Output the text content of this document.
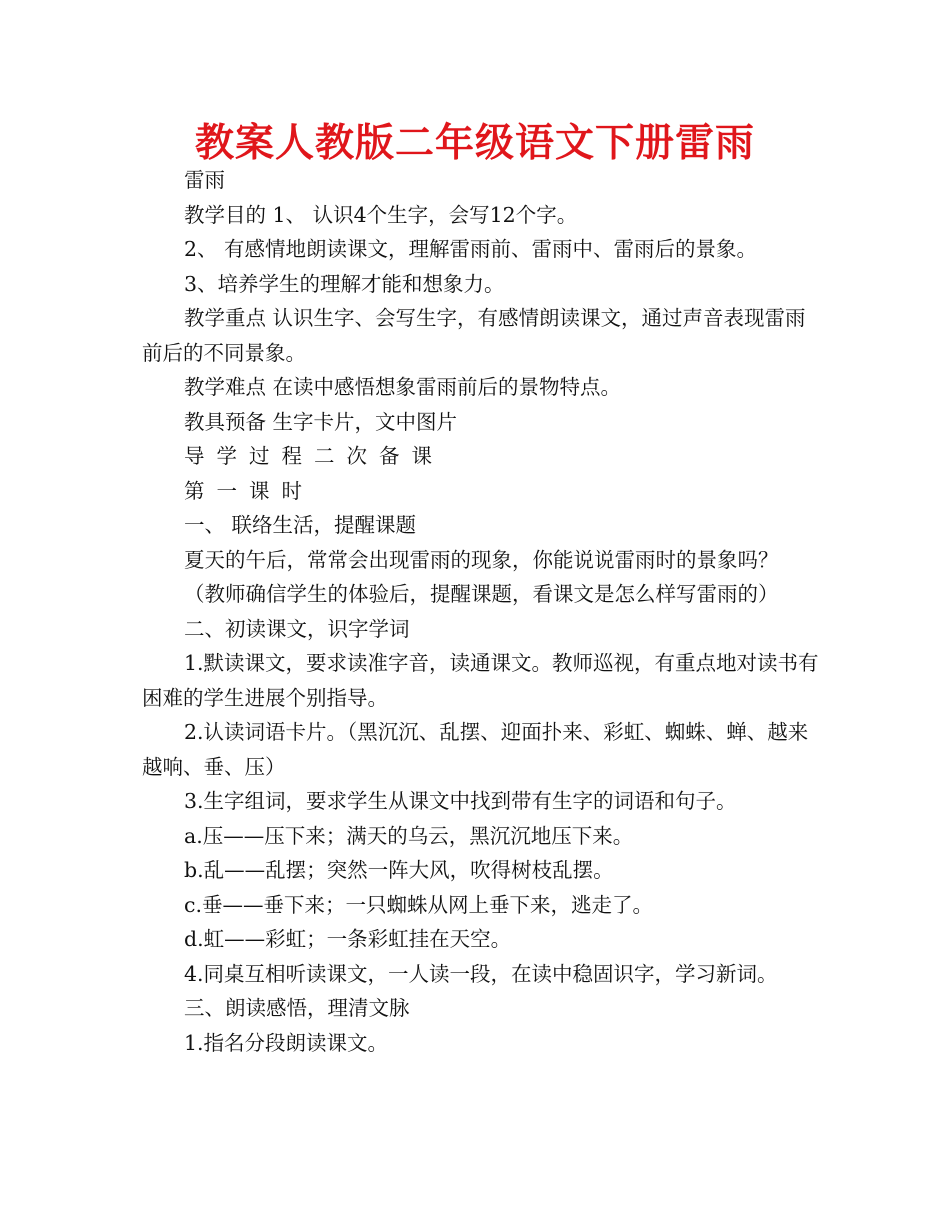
教案人教版二年级语文下册雷雨

雷雨

教学目的 1、 认识4个生字，会写12个字。

2、 有感情地朗读课文，理解雷雨前、雷雨中、雷雨后的景象。

3、培养学生的理解才能和想象力。

教学重点 认识生字、会写生字，有感情朗读课文，通过声音表现雷雨前后的不同景象。

教学难点 在读中感悟想象雷雨前后的景物特点。

教具预备 生字卡片，文中图片

导学过程二次备课

第一课时

一、 联络生活，提醒课题

夏天的午后，常常会出现雷雨的现象，你能说说雷雨时的景象吗？

（教师确信学生的体验后，提醒课题，看课文是怎么样写雷雨的）

二、初读课文，识字学词

1.默读课文，要求读准字音，读通课文。教师巡视，有重点地对读书有困难的学生进展个别指导。

2.认读词语卡片。（黑沉沉、乱摆、迎面扑来、彩虹、蜘蛛、蝉、越来越响、垂、压）

3.生字组词，要求学生从课文中找到带有生字的词语和句子。

a.压——压下来；满天的乌云，黑沉沉地压下来。

b.乱——乱摆；突然一阵大风，吹得树枝乱摆。

c.垂——垂下来；一只蜘蛛从网上垂下来，逃走了。

d.虹——彩虹；一条彩虹挂在天空。

4.同桌互相听读课文，一人读一段，在读中稳固识字，学习新词。

三、朗读感悟，理清文脉

1.指名分段朗读课文。
